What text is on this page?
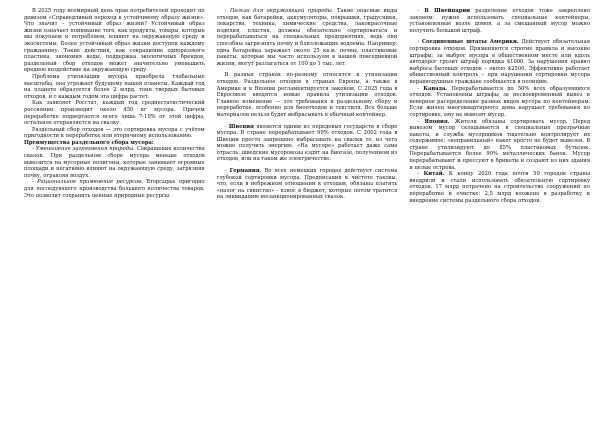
В 2025 году всемирный день прав потребителей проходит по девизом «Справедливый переход к устойчивому образу жизни». Что значит – устойчивый образ жизни? Устойчивый образ жизни означает понимание того, как продукты, товары, которые мы покупаем и потребляем, влияют на окружающую среду и экосистемы. Более устойчивый образ жизни доступен каждому гражданину. Такие действия, как сокращение одноразового пластика, экономия воды, поддержка экологичных брендов, раздельный сбор отходов может значительно уменьшить вредное воздействие на окружающую среду.

Проблема утилизации мусора приобрела глобальные масштабы, она угрожает будущему нашей планеты. Каждый год на планете образуется более 2 млрд. тонн твердых бытовых отходов, и с каждым годом эта цифра растет.

Как заявляет Росстат, каждый год среднестатистический россиянин производит около 450 кг мусора. Причем переработке подвергается всего лишь 7-10% от этой цифры, остальное отправляется на свалку.

Раздельный сбор отходов — это сортировка мусора с учётом пригодности к переработке или вторичному использованию.

Преимущества раздельного сбора мусора:

- Уменьшение загрязнения природы. Сокращение количества свалок. При раздельном сборе мусора меньше отходов вывозится на мусорные полигоны, которые занимают огромные площади и негативно влияют на окружающую среду, загрязняя почву, отравляя воздух.

- Рациональное применение ресурсов. Вторсырье пригодно для последующего производства большого количества товаров. Это позволит сохранить ценные природные ресурсы.

- Польза для окружающей природы. Такие опасные виды отходов, как батарейки, аккумуляторы, покрышки, градусники, лекарства, техника, химические средства, лакокрасочные изделия, пластик, должны обязательно сортироваться и перерабатываться на специальных предприятиях, ведь они способны загрязнять почву и близлежащие водоемы. Например: одна батарейка заражает около 25 кв.м. почвы, пластиковые пакеты, которые мы часто используем в нашей повседневной жизни, могут разлагаться от 100 до 1 тыс. лет.

В разных странах по-разному относятся к утилизации отходов. Раздельное отходов в странах Европы, а также в Америке и в Японии регламентируется законом. С 2025 года в Евросоюзе вводятся новые правила утилизации отходов. Главное изменение — это требования к раздельному сбору и переработке, особенно для биоотходов и текстиля. Все больше материалов нельзя будет выбрасывать в обычный контейнер.

- Швеция является одним из передовых государств в сборе мусора. В стране перерабатывают 99% отходов. С 2002 года в Швеции просто запрещено выбрасывать на свалки то, из чего можно получить энергию. «На мусоре» работает даже сама отрасль: шведские мусоровозы ездят на биогазе, полученном из отходов, или на таком же электричестве.

- Германия. Во всех немецких городах действует система глубокой сортировки мусора. Предписания к чистоте таковы, что, если в небрежном отношении к отходам, обязаны платить «налог на свинство» - взнос в бюджет, которые потом тратится на ликвидацию несанкционированных свалок.

- В Швейцарии разделение отходов тоже закреплено законом: нужно использовать специальные контейнеры, установленные возле домов, а за смешанный мусор можно получить большой штраф.

- Соединенные штаты Америки. Действует обязательная сортировка отходов. Применяются строгие правила и высокие штрафы: за выброс мусора в общественном месте или вдоль автодорог грозит штраф порядка $1000. За нарушения правил выброса бытовых отходов – около $2500. Эффективно работает общественный контроль – при нарушении сортировки мусора неравнодушные граждане сообщается в полицию.

- Канада. Перерабатывается до 50% всех образующихся отходов. Установлены штрафы за несвоевременный вывоз и неверное распределение разных видов мусора по контейнерам. Если жилец многоквартирного дома нарушает требования по сортировке, ему не вывозят мусор.

- Япония. Жители обязаны сортировать мусор. Перед вывозом мусор складывается в специальные прозрачные пакеты, и служба мусорщиков тщательно контролирует их содержимое: «неправильный» пакет просто не будет вывезен. В стране утилизируют до 85% пластиковых бутылок. Перерабатывается более 90% металлических банок. Мусор перерабатывают и прессуют в брикеты и создают из них здания и целые острова.

- Китай. К концу 2020 года почти 50 городов страны внедрили и стали использовать обязательную сортировку отходов. 17 млрд потрачено на строительство сооружений по переработке и очистке; 2,5 млрд вложено в разработку и внедрение системы раздельного сбора отходов.
